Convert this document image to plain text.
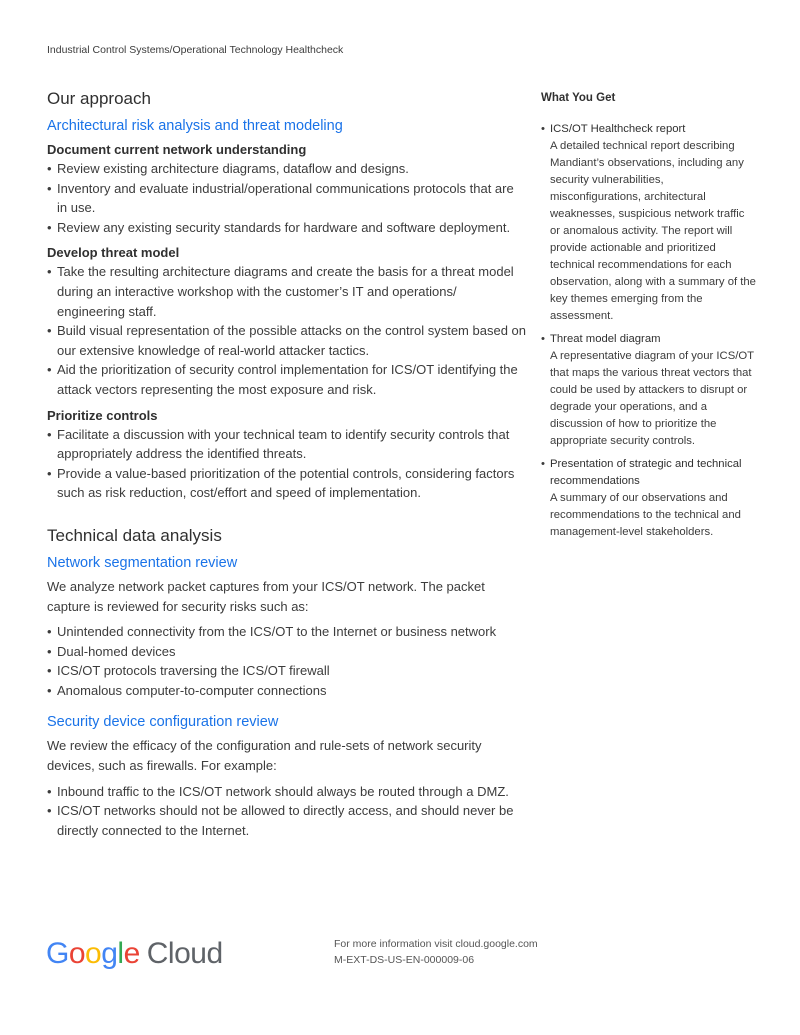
Industrial Control Systems/Operational Technology Healthcheck
Our approach
Architectural risk analysis and threat modeling
Document current network understanding
• Review existing architecture diagrams, dataflow and designs.
• Inventory and evaluate industrial/operational communications protocols that are in use.
• Review any existing security standards for hardware and software deployment.
Develop threat model
• Take the resulting architecture diagrams and create the basis for a threat model during an interactive workshop with the customer’s IT and operations/ engineering staff.
• Build visual representation of the possible attacks on the control system based on our extensive knowledge of real-world attacker tactics.
• Aid the prioritization of security control implementation for ICS/OT identifying the attack vectors representing the most exposure and risk.
Prioritize controls
• Facilitate a discussion with your technical team to identify security controls that appropriately address the identified threats.
• Provide a value-based prioritization of the potential controls, considering factors such as risk reduction, cost/effort and speed of implementation.
Technical data analysis
Network segmentation review

We analyze network packet captures from your ICS/OT network. The packet capture is reviewed for security risks such as:

• Unintended connectivity from the ICS/OT to the Internet or business network
• Dual-homed devices
• ICS/OT protocols traversing the ICS/OT firewall
• Anomalous computer-to-computer connections
Security device configuration review

We review the efficacy of the configuration and rule-sets of network security devices, such as firewalls. For example:

• Inbound traffic to the ICS/OT network should always be routed through a DMZ.
• ICS/OT networks should not be allowed to directly access, and should never be directly connected to the Internet.
What You Get
• ICS/OT Healthcheck report
A detailed technical report describing Mandiant’s observations, including any security vulnerabilities, misconfigurations, architectural weaknesses, suspicious network traffic or anomalous activity. The report will provide actionable and prioritized technical recommendations for each observation, along with a summary of the key themes emerging from the assessment.
• Threat model diagram
A representative diagram of your ICS/OT that maps the various threat vectors that could be used by attackers to disrupt or degrade your operations, and a discussion of how to prioritize the appropriate security controls.
• Presentation of strategic and technical recommendations
A summary of our observations and recommendations to the technical and management-level stakeholders.
Google Cloud	For more information visit cloud.google.com
M-EXT-DS-US-EN-000009-06
